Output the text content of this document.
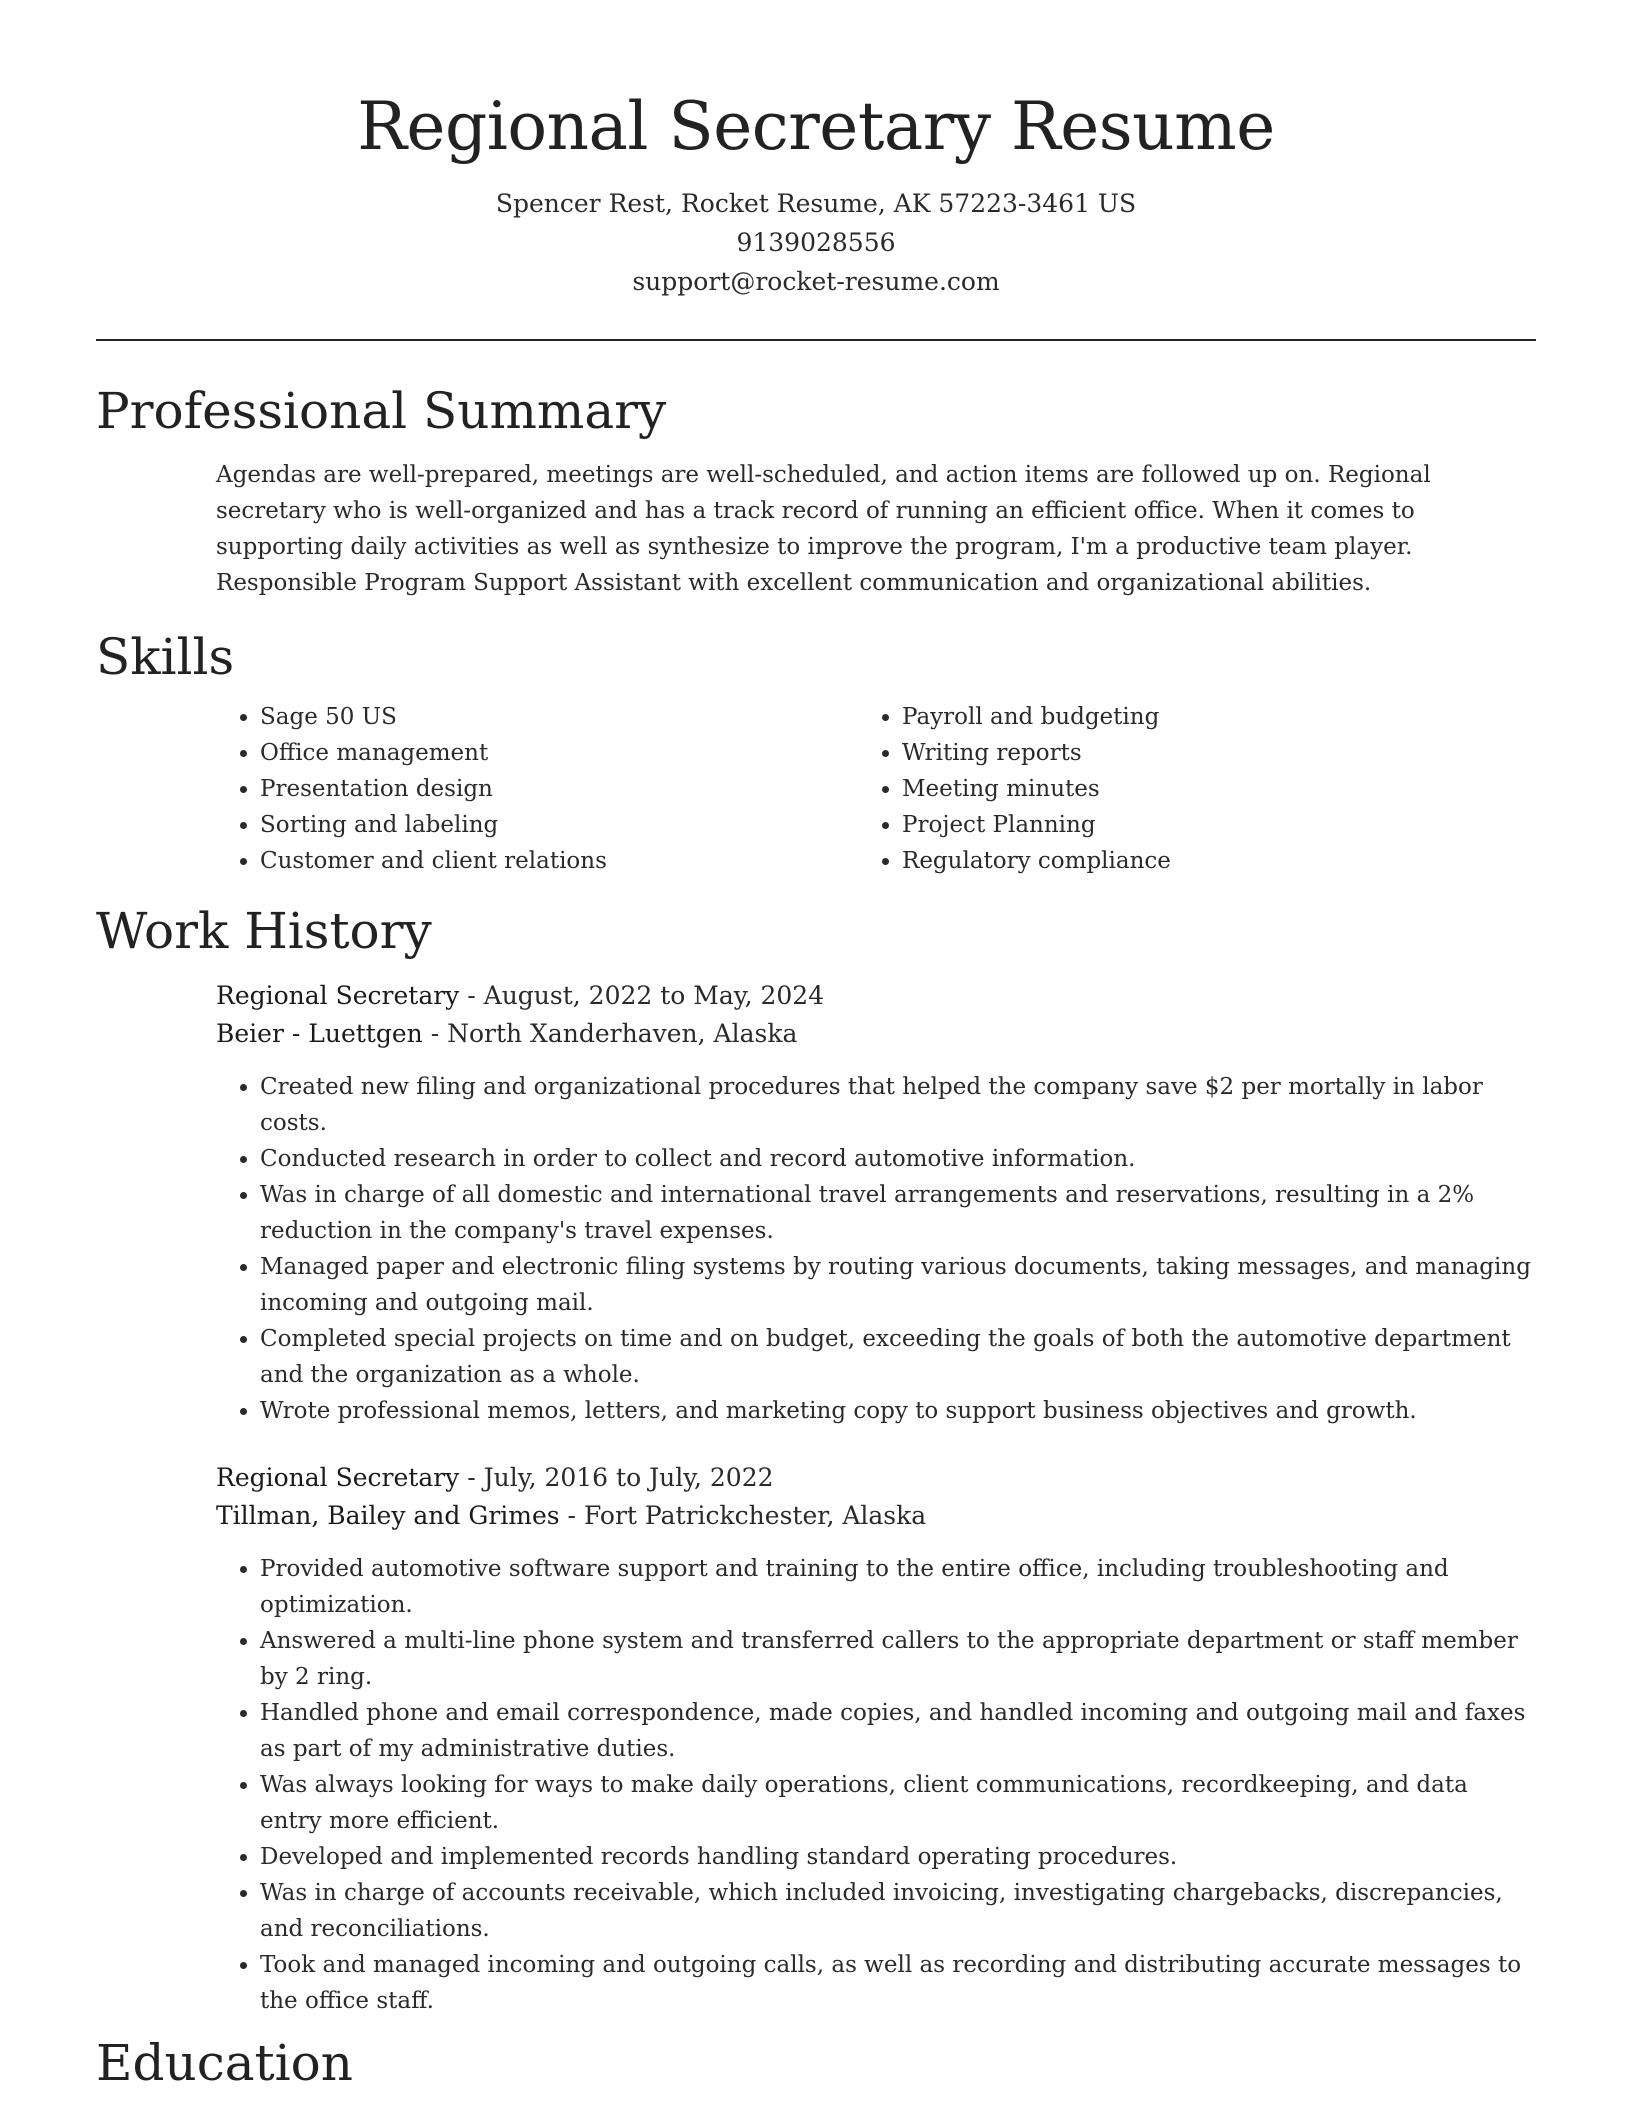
Regional Secretary Resume
Spencer Rest, Rocket Resume, AK 57223-3461 US
9139028556
support@rocket-resume.com
Professional Summary

Agendas are well-prepared, meetings are well-scheduled, and action items are followed up on. Regional secretary who is well-organized and has a track record of running an efficient office. When it comes to supporting daily activities as well as synthesize to improve the program, I'm a productive team player. Responsible Program Support Assistant with excellent communication and organizational abilities.

Skills
• Sage 50 US
• Office management
• Presentation design
• Sorting and labeling
• Customer and client relations
• Payroll and budgeting
• Writing reports
• Meeting minutes
• Project Planning
• Regulatory compliance
Work History
Regional Secretary - August, 2022 to May, 2024
Beier - Luettgen - North Xanderhaven, Alaska
• Created new filing and organizational procedures that helped the company save $2 per mortally in labor costs.
• Conducted research in order to collect and record automotive information.
• Was in charge of all domestic and international travel arrangements and reservations, resulting in a 2% reduction in the company's travel expenses.
• Managed paper and electronic filing systems by routing various documents, taking messages, and managing incoming and outgoing mail.
• Completed special projects on time and on budget, exceeding the goals of both the automotive department and the organization as a whole.
• Wrote professional memos, letters, and marketing copy to support business objectives and growth.
Regional Secretary - July, 2016 to July, 2022
Tillman, Bailey and Grimes - Fort Patrickchester, Alaska
• Provided automotive software support and training to the entire office, including troubleshooting and optimization.
• Answered a multi-line phone system and transferred callers to the appropriate department or staff member by 2 ring.
• Handled phone and email correspondence, made copies, and handled incoming and outgoing mail and faxes as part of my administrative duties.
• Was always looking for ways to make daily operations, client communications, recordkeeping, and data entry more efficient.
• Developed and implemented records handling standard operating procedures.
• Was in charge of accounts receivable, which included invoicing, investigating chargebacks, discrepancies, and reconciliations.
• Took and managed incoming and outgoing calls, as well as recording and distributing accurate messages to the office staff.
Education
